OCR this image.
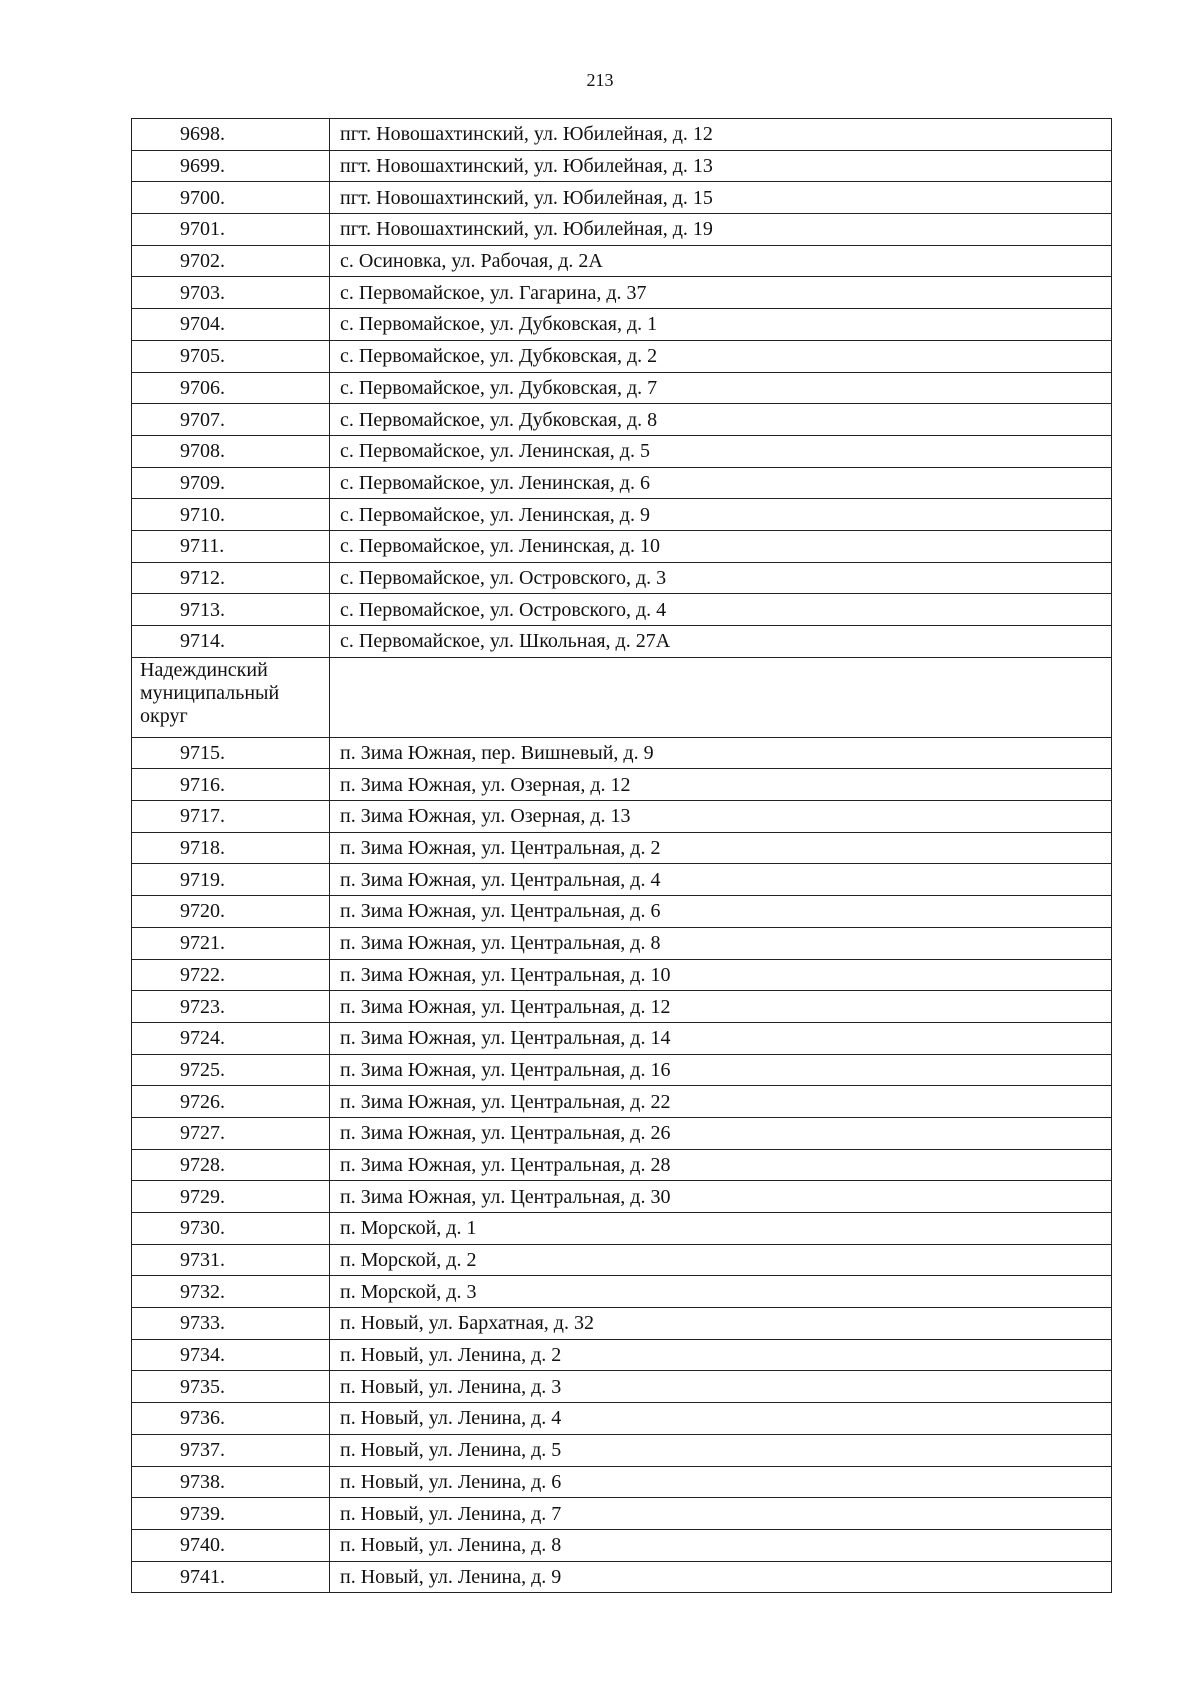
213
9698.	пгт. Новошахтинский, ул. Юбилейная, д. 12
9699.	пгт. Новошахтинский, ул. Юбилейная, д. 13
9700.	пгт. Новошахтинский, ул. Юбилейная, д. 15
9701.	пгт. Новошахтинский, ул. Юбилейная, д. 19
9702.	с. Осиновка, ул. Рабочая, д. 2А
9703.	с. Первомайское, ул. Гагарина, д. 37
9704.	с. Первомайское, ул. Дубковская, д. 1
9705.	с. Первомайское, ул. Дубковская, д. 2
9706.	с. Первомайское, ул. Дубковская, д. 7
9707.	с. Первомайское, ул. Дубковская, д. 8
9708.	с. Первомайское, ул. Ленинская, д. 5
9709.	с. Первомайское, ул. Ленинская, д. 6
9710.	с. Первомайское, ул. Ленинская, д. 9
9711.	с. Первомайское, ул. Ленинская, д. 10
9712.	с. Первомайское, ул. Островского, д. 3
9713.	с. Первомайское, ул. Островского, д. 4
9714.	с. Первомайское, ул. Школьная, д. 27А
Надеждинский муниципальный округ	
9715.	п. Зима Южная, пер. Вишневый, д. 9
9716.	п. Зима Южная, ул. Озерная, д. 12
9717.	п. Зима Южная, ул. Озерная, д. 13
9718.	п. Зима Южная, ул. Центральная, д. 2
9719.	п. Зима Южная, ул. Центральная, д. 4
9720.	п. Зима Южная, ул. Центральная, д. 6
9721.	п. Зима Южная, ул. Центральная, д. 8
9722.	п. Зима Южная, ул. Центральная, д. 10
9723.	п. Зима Южная, ул. Центральная, д. 12
9724.	п. Зима Южная, ул. Центральная, д. 14
9725.	п. Зима Южная, ул. Центральная, д. 16
9726.	п. Зима Южная, ул. Центральная, д. 22
9727.	п. Зима Южная, ул. Центральная, д. 26
9728.	п. Зима Южная, ул. Центральная, д. 28
9729.	п. Зима Южная, ул. Центральная, д. 30
9730.	п. Морской, д. 1
9731.	п. Морской, д. 2
9732.	п. Морской, д. 3
9733.	п. Новый, ул. Бархатная, д. 32
9734.	п. Новый, ул. Ленина, д. 2
9735.	п. Новый, ул. Ленина, д. 3
9736.	п. Новый, ул. Ленина, д. 4
9737.	п. Новый, ул. Ленина, д. 5
9738.	п. Новый, ул. Ленина, д. 6
9739.	п. Новый, ул. Ленина, д. 7
9740.	п. Новый, ул. Ленина, д. 8
9741.	п. Новый, ул. Ленина, д. 9
